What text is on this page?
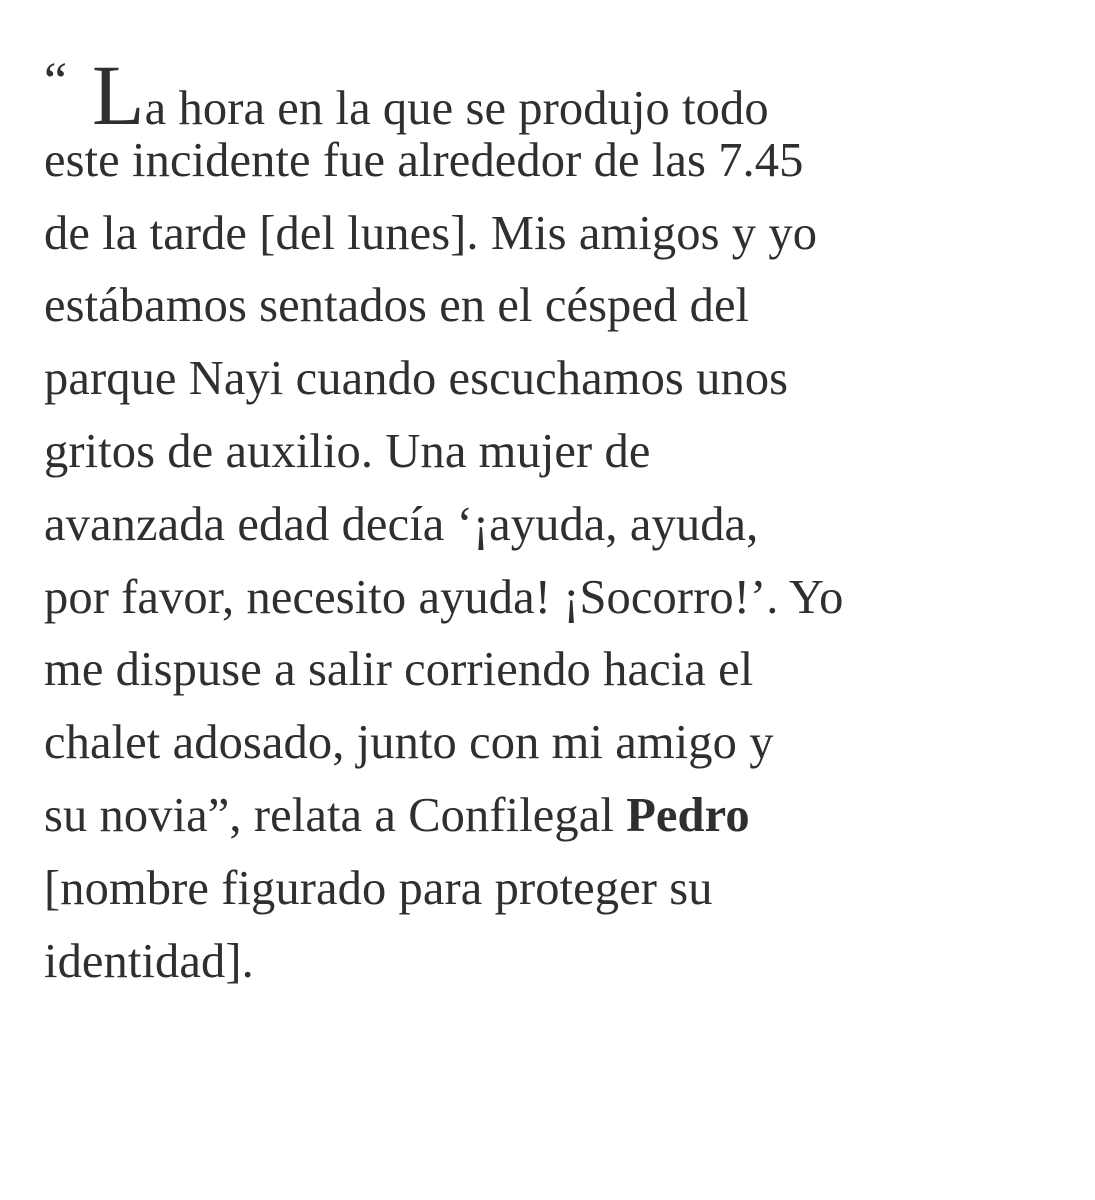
“ La hora en la que se produjo todo
este incidente fue alrededor de las 7.45
de la tarde [del lunes]. Mis amigos y yo
estábamos sentados en el césped del
parque Nayi cuando escuchamos unos
gritos de auxilio. Una mujer de
avanzada edad decía ‘¡ayuda, ayuda,
por favor, necesito ayuda! ¡Socorro!’. Yo
me dispuse a salir corriendo hacia el
chalet adosado, junto con mi amigo y
su novia”, relata a Confilegal Pedro
[nombre figurado para proteger su
identidad].
